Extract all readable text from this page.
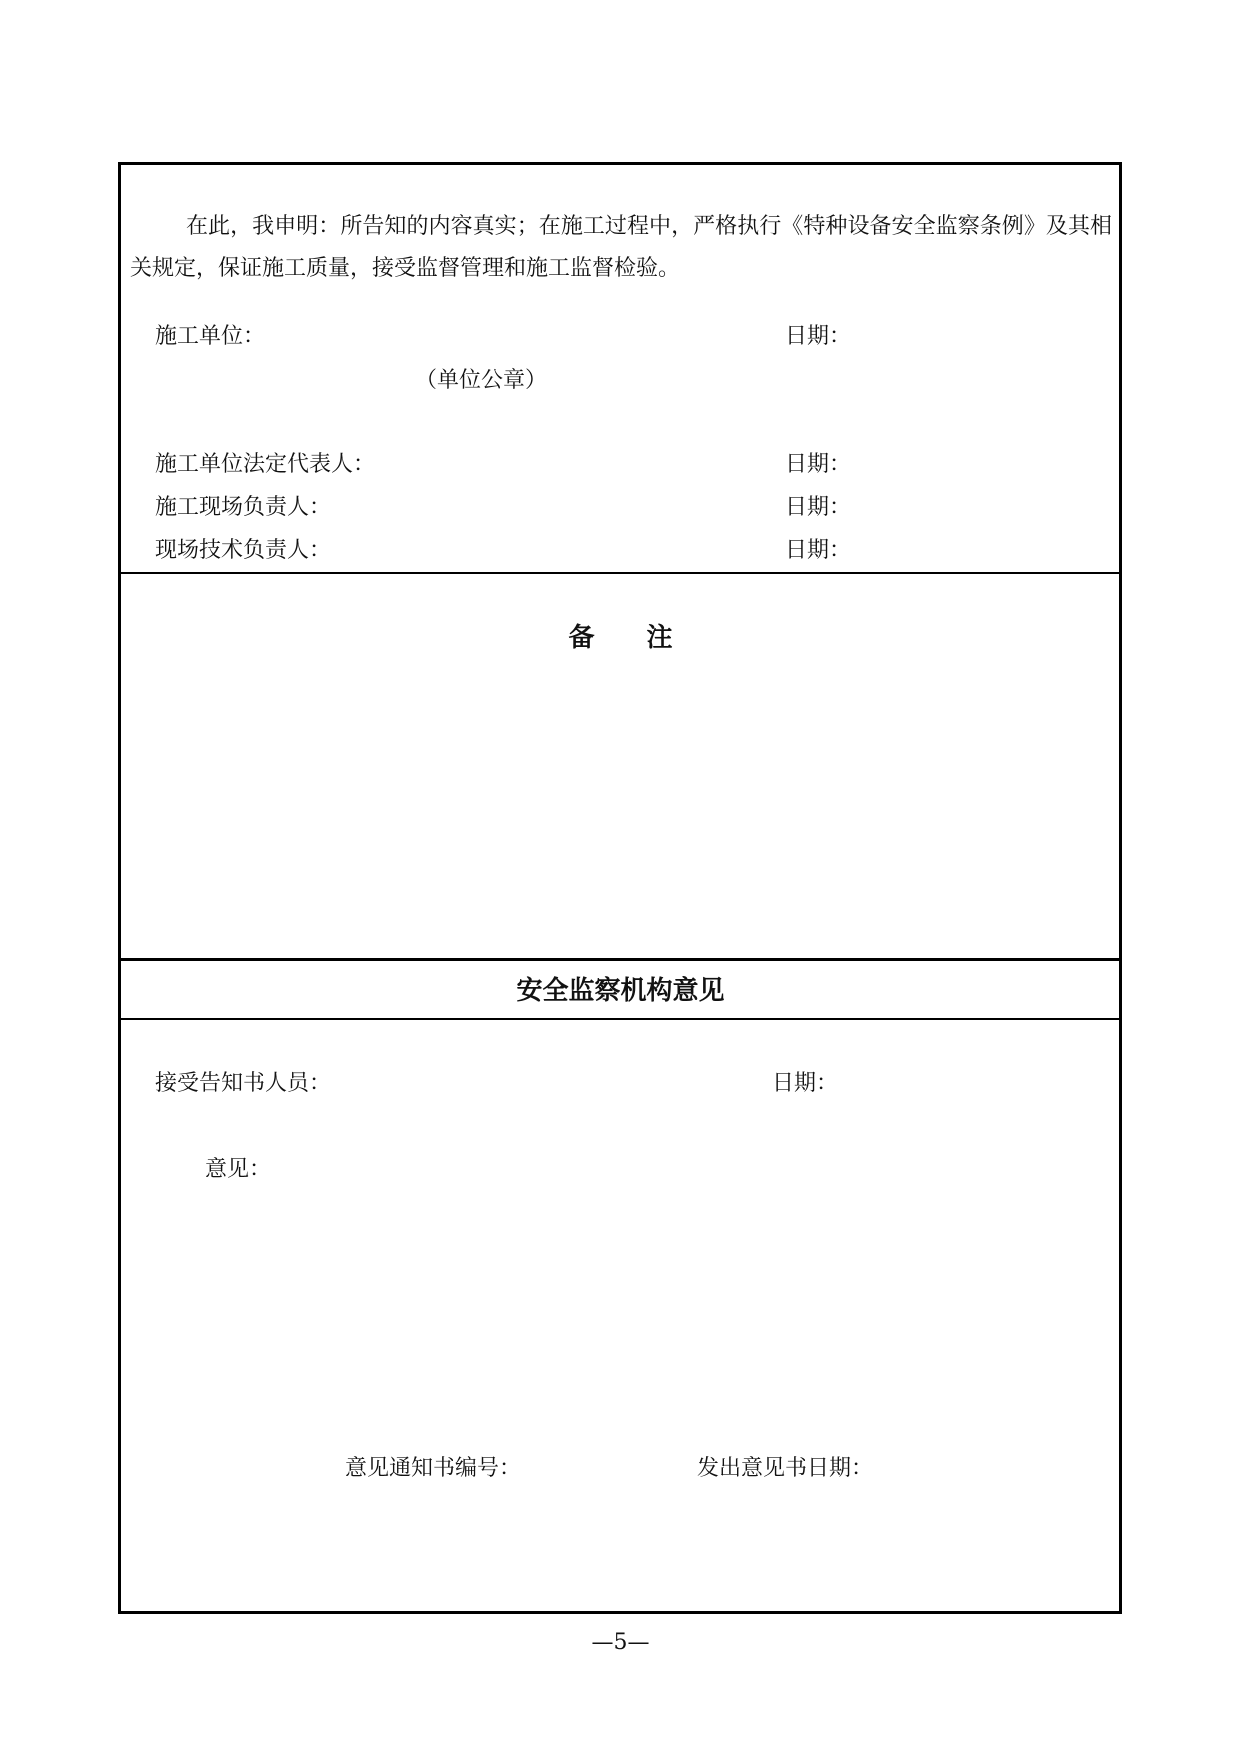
在此，我申明：所告知的内容真实；在施工过程中，严格执行《特种设备安全监察条例》及其相关规定，保证施工质量，接受监督管理和施工监督检验。
施工单位：	日期：
（单位公章）
施工单位法定代表人：	日期：
施工现场负责人：	日期：
现场技术负责人：	日期：
备　　注
安全监察机构意见
接受告知书人员：	日期：
意见：
意见通知书编号：	发出意见书日期：
—5—
